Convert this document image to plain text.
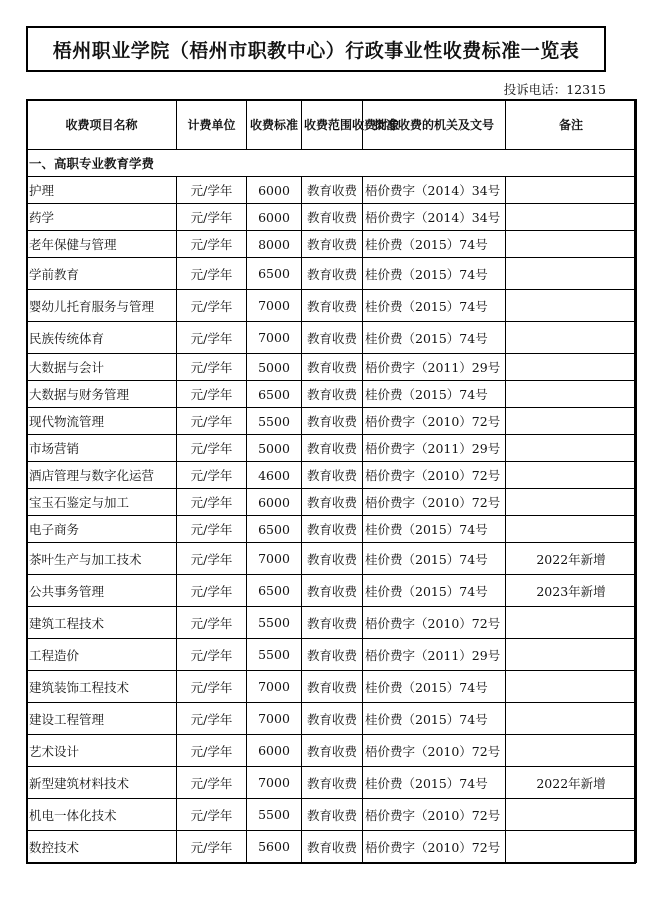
梧州职业学院（梧州市职教中心）行政事业性收费标准一览表
投诉电话：12315
收费项目名称	计费单位	收费标准	收费范围收费对象	批准收费的机关及文号	备注
一、高职专业教育学费					
护理	元/学年	6000	教育收费	梧价费字（2014）34号	
药学	元/学年	6000	教育收费	梧价费字（2014）34号	
老年保健与管理	元/学年	8000	教育收费	桂价费（2015）74号	
学前教育	元/学年	6500	教育收费	桂价费（2015）74号	
婴幼儿托育服务与管理	元/学年	7000	教育收费	桂价费（2015）74号	
民族传统体育	元/学年	7000	教育收费	桂价费（2015）74号	
大数据与会计	元/学年	5000	教育收费	梧价费字（2011）29号	
大数据与财务管理	元/学年	6500	教育收费	桂价费（2015）74号	
现代物流管理	元/学年	5500	教育收费	梧价费字（2010）72号	
市场营销	元/学年	5000	教育收费	梧价费字（2011）29号	
酒店管理与数字化运营	元/学年	4600	教育收费	梧价费字（2010）72号	
宝玉石鉴定与加工	元/学年	6000	教育收费	梧价费字（2010）72号	
电子商务	元/学年	6500	教育收费	桂价费（2015）74号	
茶叶生产与加工技术	元/学年	7000	教育收费	桂价费（2015）74号	2022年新增
公共事务管理	元/学年	6500	教育收费	桂价费（2015）74号	2023年新增
建筑工程技术	元/学年	5500	教育收费	梧价费字（2010）72号	
工程造价	元/学年	5500	教育收费	梧价费字（2011）29号	
建筑装饰工程技术	元/学年	7000	教育收费	桂价费（2015）74号	
建设工程管理	元/学年	7000	教育收费	桂价费（2015）74号	
艺术设计	元/学年	6000	教育收费	梧价费字（2010）72号	
新型建筑材料技术	元/学年	7000	教育收费	桂价费（2015）74号	2022年新增
机电一体化技术	元/学年	5500	教育收费	梧价费字（2010）72号	
数控技术	元/学年	5600	教育收费	梧价费字（2010）72号	
